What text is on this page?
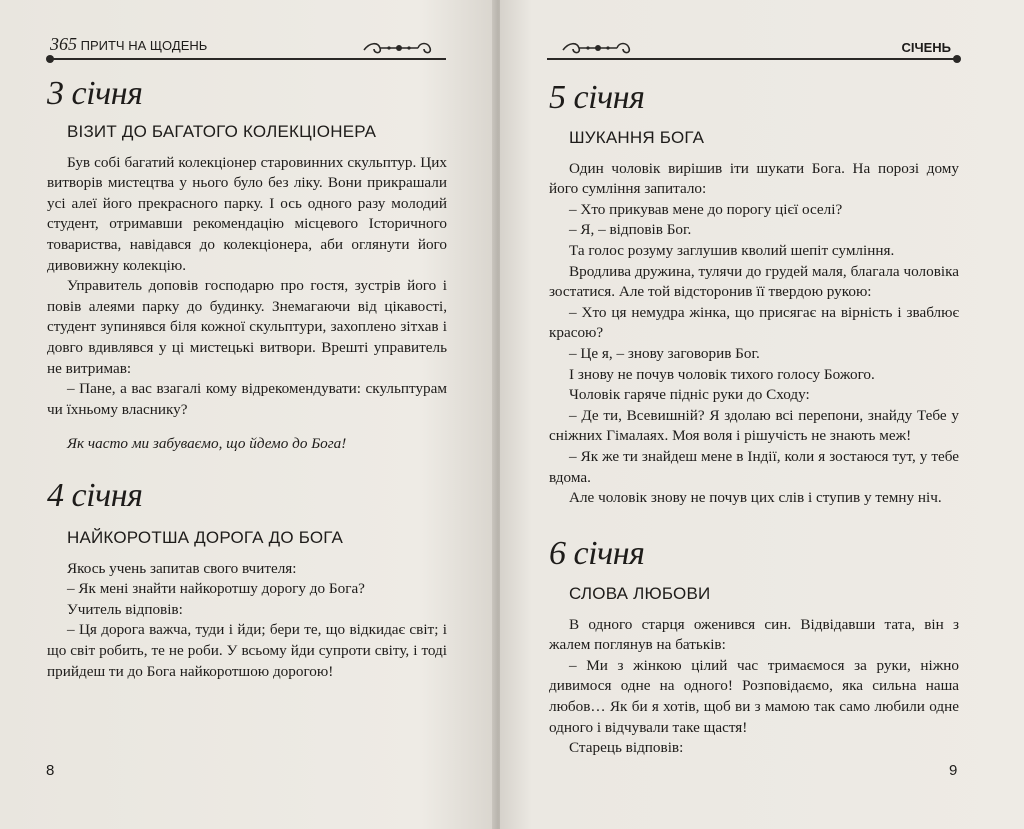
365 ПРИТЧ НА ЩОДЕНЬ
3 січня
ВІЗИТ ДО БАГАТОГО КОЛЕКЦІОНЕРА

Був собі багатий колекціонер старовинних скульптур. Цих витворів мистецтва у нього було без ліку. Вони прикрашали усі алеї його прекрасного парку. І ось одного разу молодий студент, отримавши рекомендацію місцевого Історичного товариства, навідався до колекціонера, аби оглянути його дивовижну колекцію.

Управитель доповів господарю про гостя, зустрів його і повів алеями парку до будинку. Знемагаючи від цікавості, студент зупинявся біля кожної скульптури, захоплено зітхав і довго вдивлявся у ці мистецькі витвори. Врешті управитель не витримав:

– Пане, а вас взагалі кому відрекомендувати: скульптурам чи їхньому власнику?

Як часто ми забуваємо, що йдемо до Бога!

4 січня
НАЙКОРОТША ДОРОГА ДО БОГА

Якось учень запитав свого вчителя:

– Як мені знайти найкоротшу дорогу до Бога?

Учитель відповів:

– Ця дорога важча, туди і йди; бери те, що відкидає світ; і що світ робить, те не роби. У всьому йди супроти світу, і тоді прийдеш ти до Бога найкоротшою дорогою!

8
СІЧЕНЬ
5 січня
ШУКАННЯ БОГА

Один чоловік вирішив іти шукати Бога. На порозі дому його сумління запитало:

– Хто прикував мене до порогу цієї оселі?

– Я, – відповів Бог.

Та голос розуму заглушив кволий шепіт сумління.

Вродлива дружина, тулячи до грудей маля, благала чоловіка зостатися. Але той відсторонив її твердою рукою:

– Хто ця немудра жінка, що присягає на вірність і зваблює красою?

– Це я, – знову заговорив Бог.

І знову не почув чоловік тихого голосу Божого.

Чоловік гаряче підніс руки до Сходу:

– Де ти, Всевишній? Я здолаю всі перепони, знайду Тебе у сніжних Гімалаях. Моя воля і рішучість не знають меж!

– Як же ти знайдеш мене в Індії, коли я зостаюся тут, у тебе вдома.

Але чоловік знову не почув цих слів і ступив у темну ніч.

6 січня
СЛОВА ЛЮБОВИ

В одного старця оженився син. Відвідавши тата, він з жалем поглянув на батьків:

– Ми з жінкою цілий час тримаємося за руки, ніжно дивимося одне на одного! Розповідаємо, яка сильна наша любов… Як би я хотів, щоб ви з мамою так само любили одне одного і відчували таке щастя!

Старець відповів:

9
